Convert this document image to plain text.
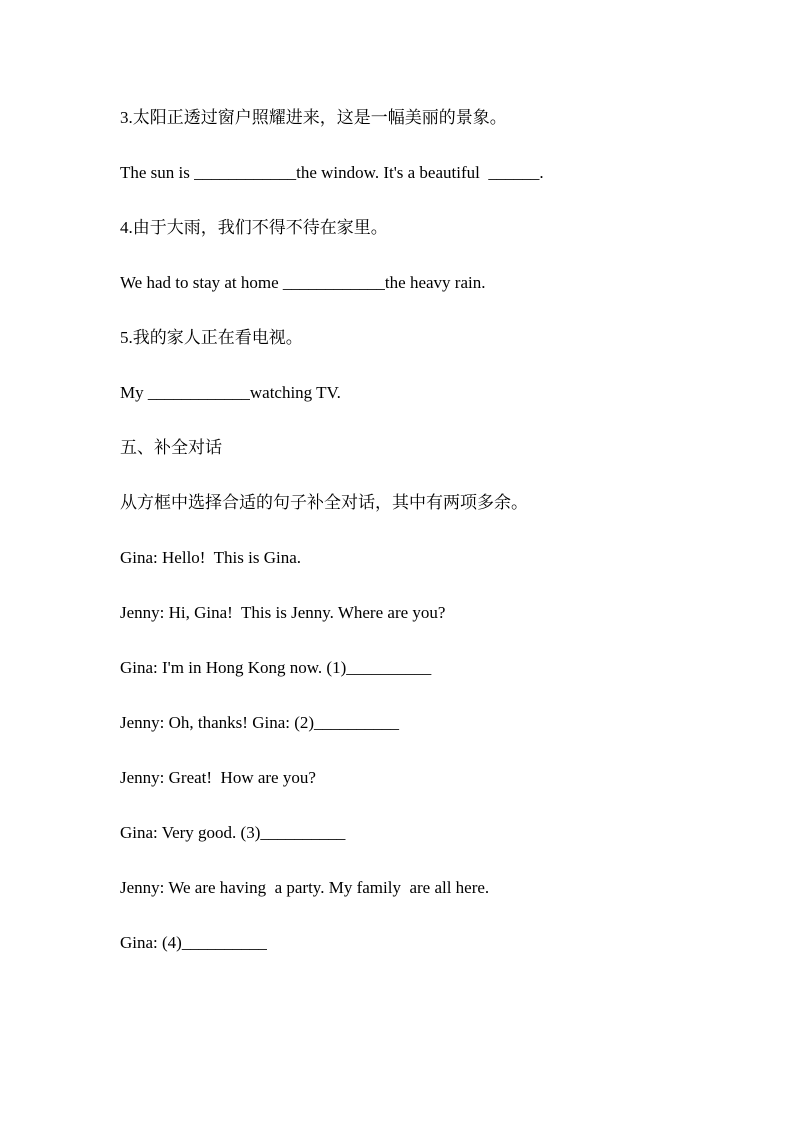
3.太阳正透过窗户照耀进来，这是一幅美丽的景象。
The sun is ____________the window. It's a beautiful  ______.
4.由于大雨，我们不得不待在家里。
We had to stay at home ____________the heavy rain.
5.我的家人正在看电视。
My ____________watching TV.
五、补全对话
从方框中选择合适的句子补全对话，其中有两项多余。
Gina: Hello!  This is Gina.
Jenny: Hi, Gina!  This is Jenny. Where are you?
Gina: I'm in Hong Kong now. (1)__________
Jenny: Oh, thanks! Gina: (2)__________
Jenny: Great!  How are you?
Gina: Very good. (3)__________
Jenny: We are having  a party. My family  are all here.
Gina: (4)__________
